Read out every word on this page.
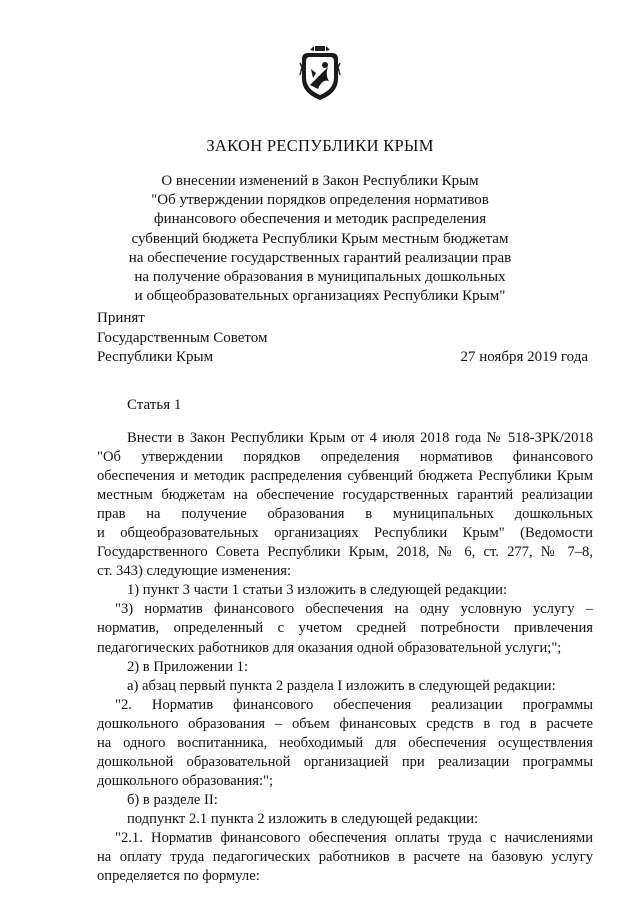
ЗАКОН РЕСПУБЛИКИ КРЫМ
О внесении изменений в Закон Республики Крым
"Об утверждении порядков определения нормативов
финансового обеспечения и методик распределения
субвенций бюджета Республики Крым местным бюджетам
на обеспечение государственных гарантий реализации прав
на получение образования в муниципальных дошкольных
и общеобразовательных организациях Республики Крым"
Принят
Государственным Советом
Республики Крым	27 ноября 2019 года
Статья 1
Внести в Закон Республики Крым от 4 июля 2018 года № 518-ЗРК/2018
"Об утверждении порядков определения нормативов финансового
обеспечения и методик распределения субвенций бюджета Республики Крым
местным бюджетам на обеспечение государственных гарантий реализации
прав на получение образования в муниципальных дошкольных
и общеобразовательных организациях Республики Крым" (Ведомости
Государственного Совета Республики Крым, 2018, № 6, ст. 277, № 7–8,
ст. 343) следующие изменения:
1) пункт 3 части 1 статьи 3 изложить в следующей редакции:
"3) норматив финансового обеспечения на одну условную услугу –
норматив, определенный с учетом средней потребности привлечения
педагогических работников для оказания одной образовательной услуги;";
2) в Приложении 1:
а) абзац первый пункта 2 раздела I изложить в следующей редакции:
"2. Норматив финансового обеспечения реализации программы
дошкольного образования – объем финансовых средств в год в расчете
на одного воспитанника, необходимый для обеспечения осуществления
дошкольной образовательной организацией при реализации программы
дошкольного образования:";
б) в разделе II:
подпункт 2.1 пункта 2 изложить в следующей редакции:
"2.1. Норматив финансового обеспечения оплаты труда с начислениями
на оплату труда педагогических работников в расчете на базовую услугу
определяется по формуле:
